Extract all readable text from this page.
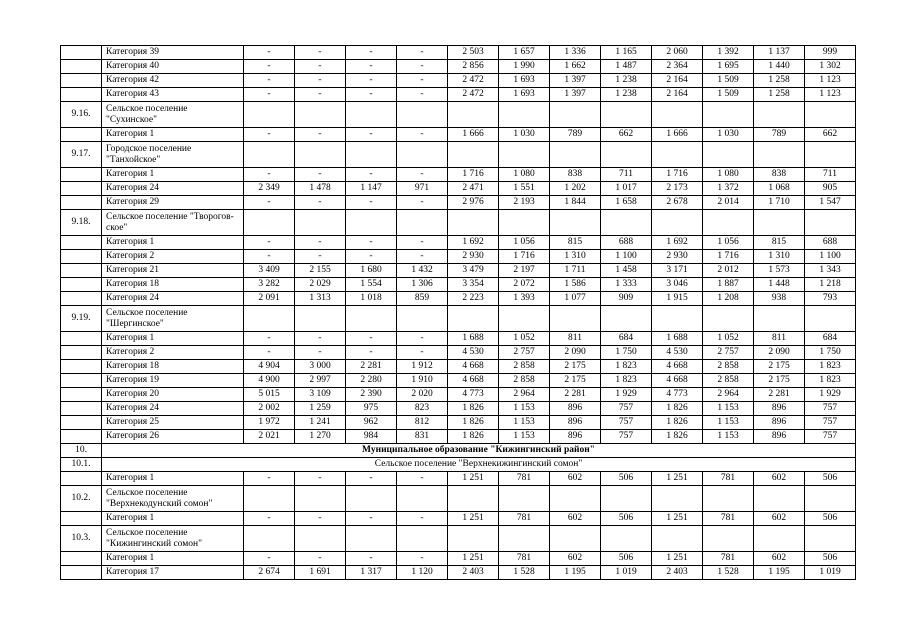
	Категория 39	-	-	-	-	2 503	1 657	1 336	1 165	2 060	1 392	1 137	999
	Категория 40	-	-	-	-	2 856	1 990	1 662	1 487	2 364	1 695	1 440	1 302
	Категория 42	-	-	-	-	2 472	1 693	1 397	1 238	2 164	1 509	1 258	1 123
	Категория 43	-	-	-	-	2 472	1 693	1 397	1 238	2 164	1 509	1 258	1 123
9.16.	Сельское поселение "Сухинское"												
	Категория 1	-	-	-	-	1 666	1 030	789	662	1 666	1 030	789	662
9.17.	Городское поселение "Танхойское"												
	Категория 1	-	-	-	-	1 716	1 080	838	711	1 716	1 080	838	711
	Категория 24	2 349	1 478	1 147	971	2 471	1 551	1 202	1 017	2 173	1 372	1 068	905
	Категория 29	-	-	-	-	2 976	2 193	1 844	1 658	2 678	2 014	1 710	1 547
9.18.	Сельское поселение "Твороговское"												
	Категория 1	-	-	-	-	1 692	1 056	815	688	1 692	1 056	815	688
	Категория 2	-	-	-	-	2 930	1 716	1 310	1 100	2 930	1 716	1 310	1 100
	Категория 21	3 409	2 155	1 680	1 432	3 479	2 197	1 711	1 458	3 171	2 012	1 573	1 343
	Категория 18	3 282	2 029	1 554	1 306	3 354	2 072	1 586	1 333	3 046	1 887	1 448	1 218
	Категория 24	2 091	1 313	1 018	859	2 223	1 393	1 077	909	1 915	1 208	938	793
9.19.	Сельское поселение "Шергинское"												
	Категория 1	-	-	-	-	1 688	1 052	811	684	1 688	1 052	811	684
	Категория 2	-	-	-	-	4 530	2 757	2 090	1 750	4 530	2 757	2 090	1 750
	Категория 18	4 904	3 000	2 281	1 912	4 668	2 858	2 175	1 823	4 668	2 858	2 175	1 823
	Категория 19	4 900	2 997	2 280	1 910	4 668	2 858	2 175	1 823	4 668	2 858	2 175	1 823
	Категория 20	5 015	3 109	2 390	2 020	4 773	2 964	2 281	1 929	4 773	2 964	2 281	1 929
	Категория 24	2 002	1 259	975	823	1 826	1 153	896	757	1 826	1 153	896	757
	Категория 25	1 972	1 241	962	812	1 826	1 153	896	757	1 826	1 153	896	757
	Категория 26	2 021	1 270	984	831	1 826	1 153	896	757	1 826	1 153	896	757
10.	Муниципальное образование "Кижингинский район"												
10.1.	Сельское поселение "Верхнекижингинский сомон"												
	Категория 1	-	-	-	-	1 251	781	602	506	1 251	781	602	506
10.2.	Сельское поселение "Верхнекодунский сомон"												
	Категория 1	-	-	-	-	1 251	781	602	506	1 251	781	602	506
10.3.	Сельское поселение "Кижингинский сомон"												
	Категория 1	-	-	-	-	1 251	781	602	506	1 251	781	602	506
	Категория 17	2 674	1 691	1 317	1 120	2 403	1 528	1 195	1 019	2 403	1 528	1 195	1 019
